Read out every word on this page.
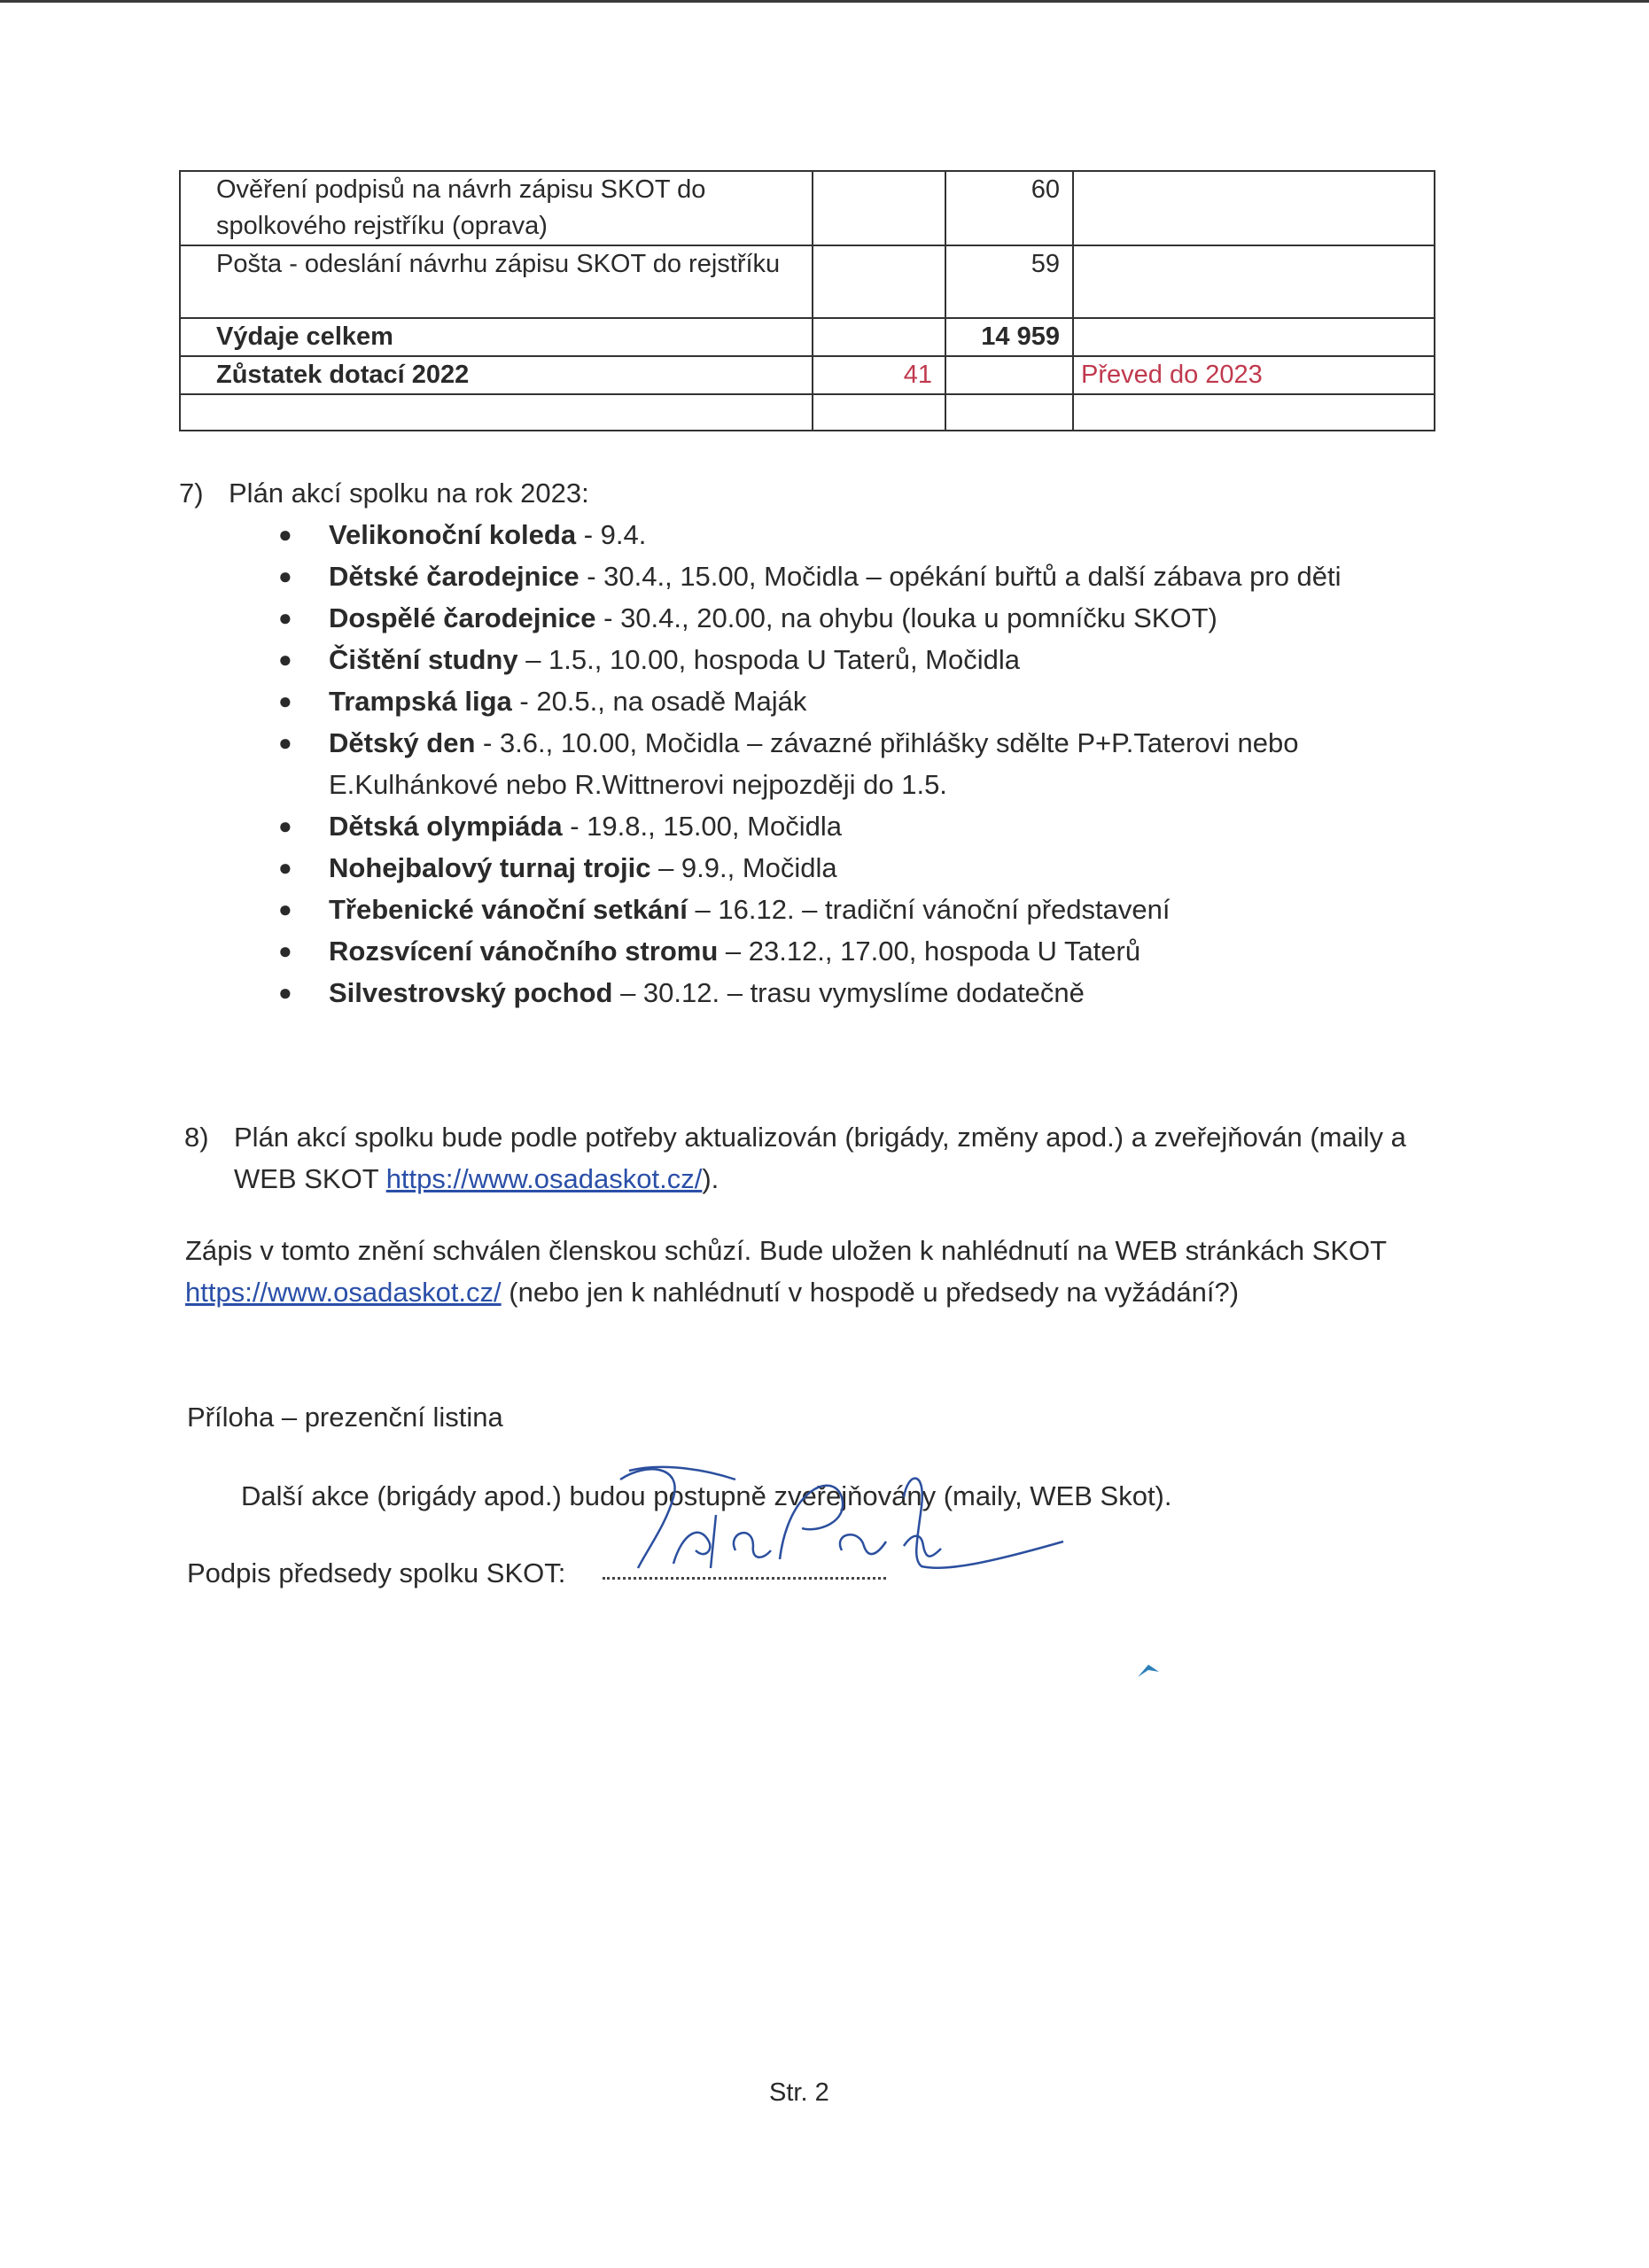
Ověření podpisů na návrh zápisu SKOT do spolkového rejstříku (oprava)		60	
Pošta - odeslání návrhu zápisu SKOT do rejstříku		59	
Výdaje celkem		14 959	
Zůstatek dotací 2022	41		Převed do 2023

7) Plán akcí spolku na rok 2023:
● Velikonoční koleda - 9.4.
● Dětské čarodejnice - 30.4., 15.00, Močidla – opékání buřtů a další zábava pro děti
● Dospělé čarodejnice - 30.4., 20.00, na ohybu (louka u pomníčku SKOT)
● Čištění studny – 1.5., 10.00, hospoda U Taterů, Močidla
● Trampská liga - 20.5., na osadě Maják
● Dětský den - 3.6., 10.00, Močidla – závazné přihlášky sdělte P+P.Taterovi nebo E.Kulhánkové nebo R.Wittnerovi nejpozději do 1.5.
● Dětská olympiáda - 19.8., 15.00, Močidla
● Nohejbalový turnaj trojic – 9.9., Močidla
● Třebenické vánoční setkání – 16.12. – tradiční vánoční představení
● Rozsvícení vánočního stromu – 23.12., 17.00, hospoda U Taterů
● Silvestrovský pochod – 30.12. – trasu vymyslíme dodatečně
Další akce (brigády apod.) budou postupně zveřejňovány (maily, WEB Skot).
8) Plán akcí spolku bude podle potřeby aktualizován (brigády, změny apod.) a zveřejňován (maily a WEB SKOT https://www.osadaskot.cz/).
Zápis v tomto znění schválen členskou schůzí. Bude uložen k nahlédnutí na WEB stránkách SKOT https://www.osadaskot.cz/ (nebo jen k nahlédnutí v hospodě u předsedy na vyžádání?)
Příloha – prezenční listina
Podpis předsedy spolku SKOT:
Str. 2
